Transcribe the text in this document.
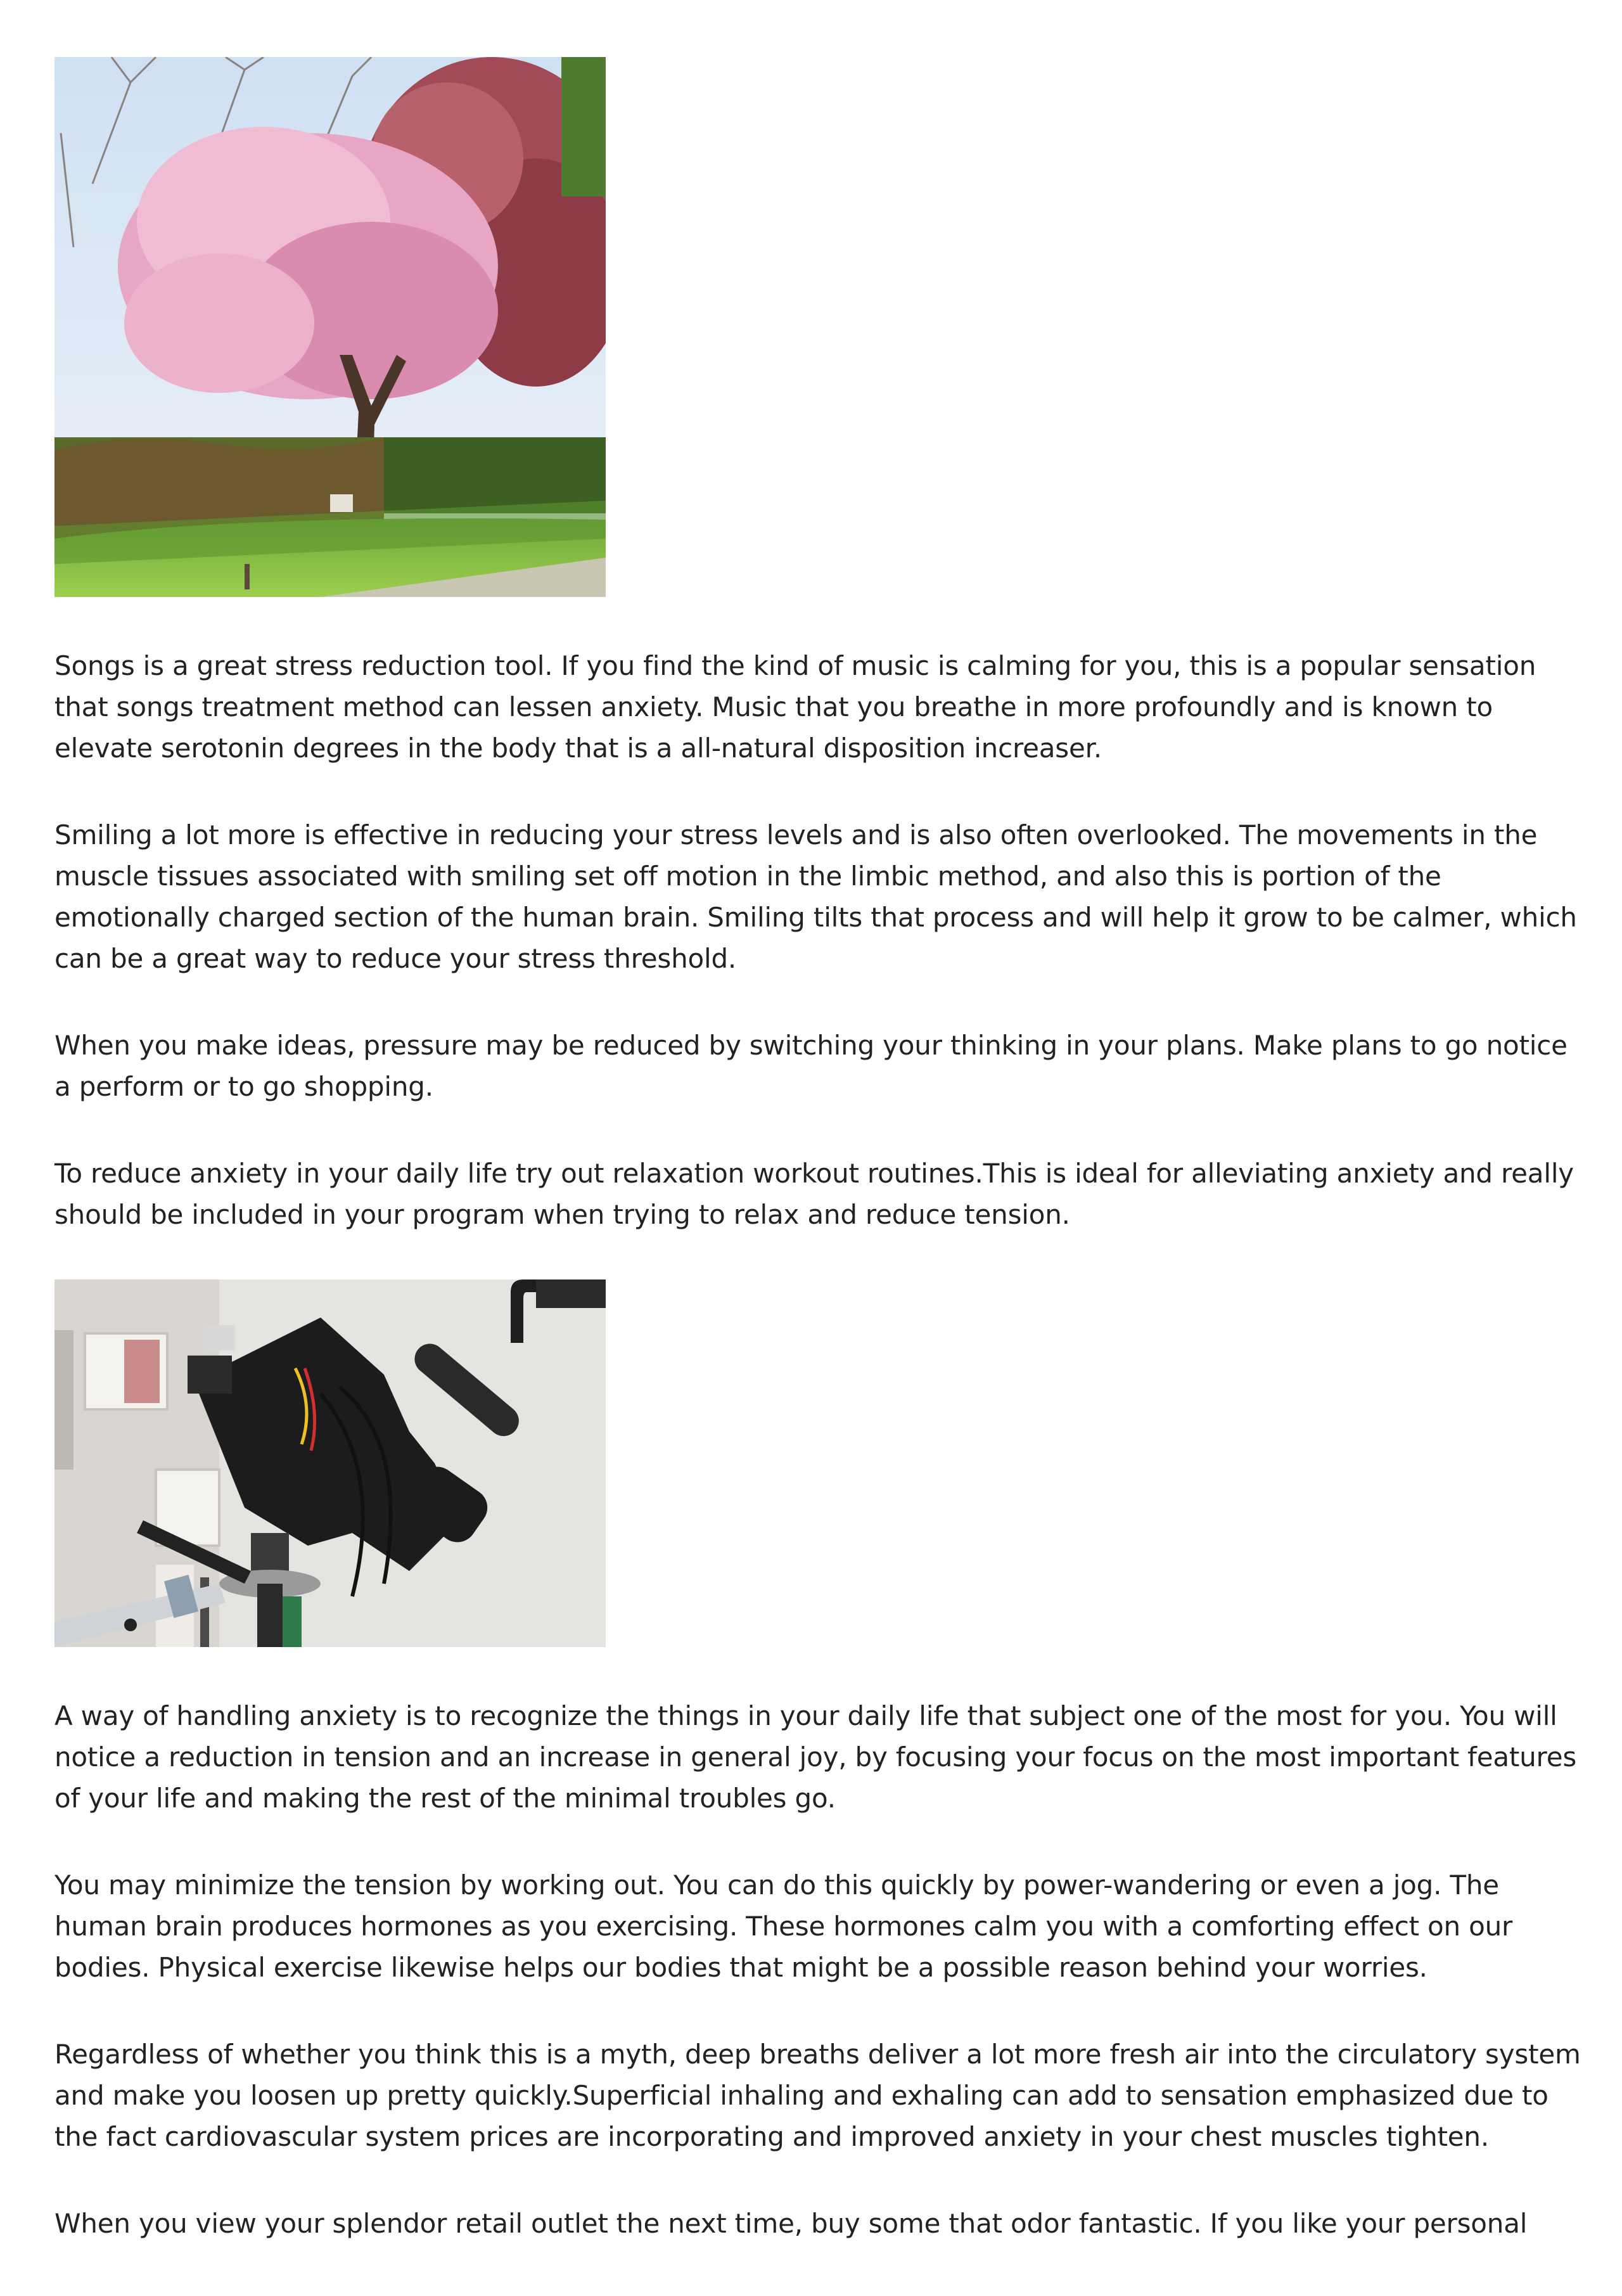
Songs is a great stress reduction tool. If you find the kind of music is calming for you, this is a popular sensation that songs treatment method can lessen anxiety. Music that you breathe in more profoundly and is known to elevate serotonin degrees in the body that is a all-natural disposition increaser.

Smiling a lot more is effective in reducing your stress levels and is also often overlooked. The movements in the muscle tissues associated with smiling set off motion in the limbic method, and also this is portion of the emotionally charged section of the human brain. Smiling tilts that process and will help it grow to be calmer, which can be a great way to reduce your stress threshold.

When you make ideas, pressure may be reduced by switching your thinking in your plans. Make plans to go notice a perform or to go shopping.

To reduce anxiety in your daily life try out relaxation workout routines.This is ideal for alleviating anxiety and really should be included in your program when trying to relax and reduce tension.

A way of handling anxiety is to recognize the things in your daily life that subject one of the most for you. You will notice a reduction in tension and an increase in general joy, by focusing your focus on the most important features of your life and making the rest of the minimal troubles go.

You may minimize the tension by working out. You can do this quickly by power-wandering or even a jog. The human brain produces hormones as you exercising. These hormones calm you with a comforting effect on our bodies. Physical exercise likewise helps our bodies that might be a possible reason behind your worries.

Regardless of whether you think this is a myth, deep breaths deliver a lot more fresh air into the circulatory system and make you loosen up pretty quickly.Superficial inhaling and exhaling can add to sensation emphasized due to the fact cardiovascular system prices are incorporating and improved anxiety in your chest muscles tighten.

When you view your splendor retail outlet the next time, buy some that odor fantastic. If you like your personal
